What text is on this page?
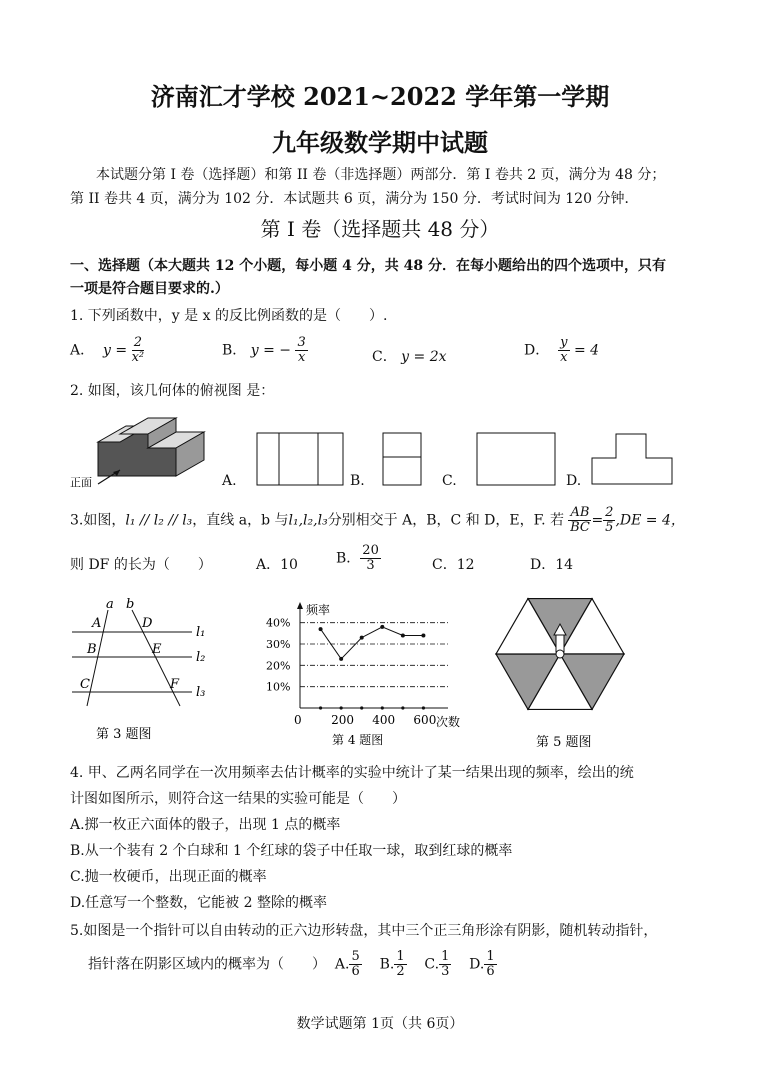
济南汇才学校 2021~2022 学年第一学期
九年级数学期中试题
本试题分第 I 卷（选择题）和第 II 卷（非选择题）两部分．第 I 卷共 2 页，满分为 48 分；
第 II 卷共 4 页，满分为 102 分．本试题共 6 页，满分为 150 分．考试时间为 120 分钟．
第 I 卷（选择题共 48 分）
一、选择题（本大题共 12 个小题，每小题 4 分，共 48 分．在每小题给出的四个选项中，只有
一项是符合题目要求的.）
1. 下列函数中，y 是 x 的反比例函数的是（　　）.
A． $y = \frac{2}{\text{x²}}$	B． y = − $\frac{3}{x}$	C． y = 2x	D． $\frac{y}{x} = 4$
2. 如图，该几何体的俯视图 是：
正面	A.	B.	C.	D.
3.如图，l₁ // l₂ // l₃，直线 a，b 与l₁,l₂,l₃分别相交于 A，B，C 和 D，E，F. 若 $\frac{AB}{BC} = \frac{2}{5} ,DE = 4$，
则 DF 的长为（　　）	A．10	B． $\frac{20}{3}$	C．12	D．14
a b
A
B
C
D
E
F
l₁
l₂
l₃
第 3 题图
频率
次数
0
10%
20%
30%
40%
200 400 600
第 4 题图	第 5 题图
4. 甲、乙两名同学在一次用频率去估计概率的实验中统计了某一结果出现的频率，绘出的统
计图如图所示，则符合这一结果的实验可能是（　　）
A.掷一枚正六面体的骰子，出现 1 点的概率
B.从一个装有 2 个白球和 1 个红球的袋子中任取一球，取到红球的概率
C.抛一枚硬币，出现正面的概率
D.任意写一个整数，它能被 2 整除的概率
5.如图是一个指针可以自由转动的正六边形转盘，其中三个正三角形涂有阴影，随机转动指针，
指针落在阴影区域内的概率为（　　） A. $\frac{5}{6} B$. $\frac{1}{2} C$. $\frac{1}{3} D$. $\frac{1}{6}$
数学试题第 1页（共 6页）
